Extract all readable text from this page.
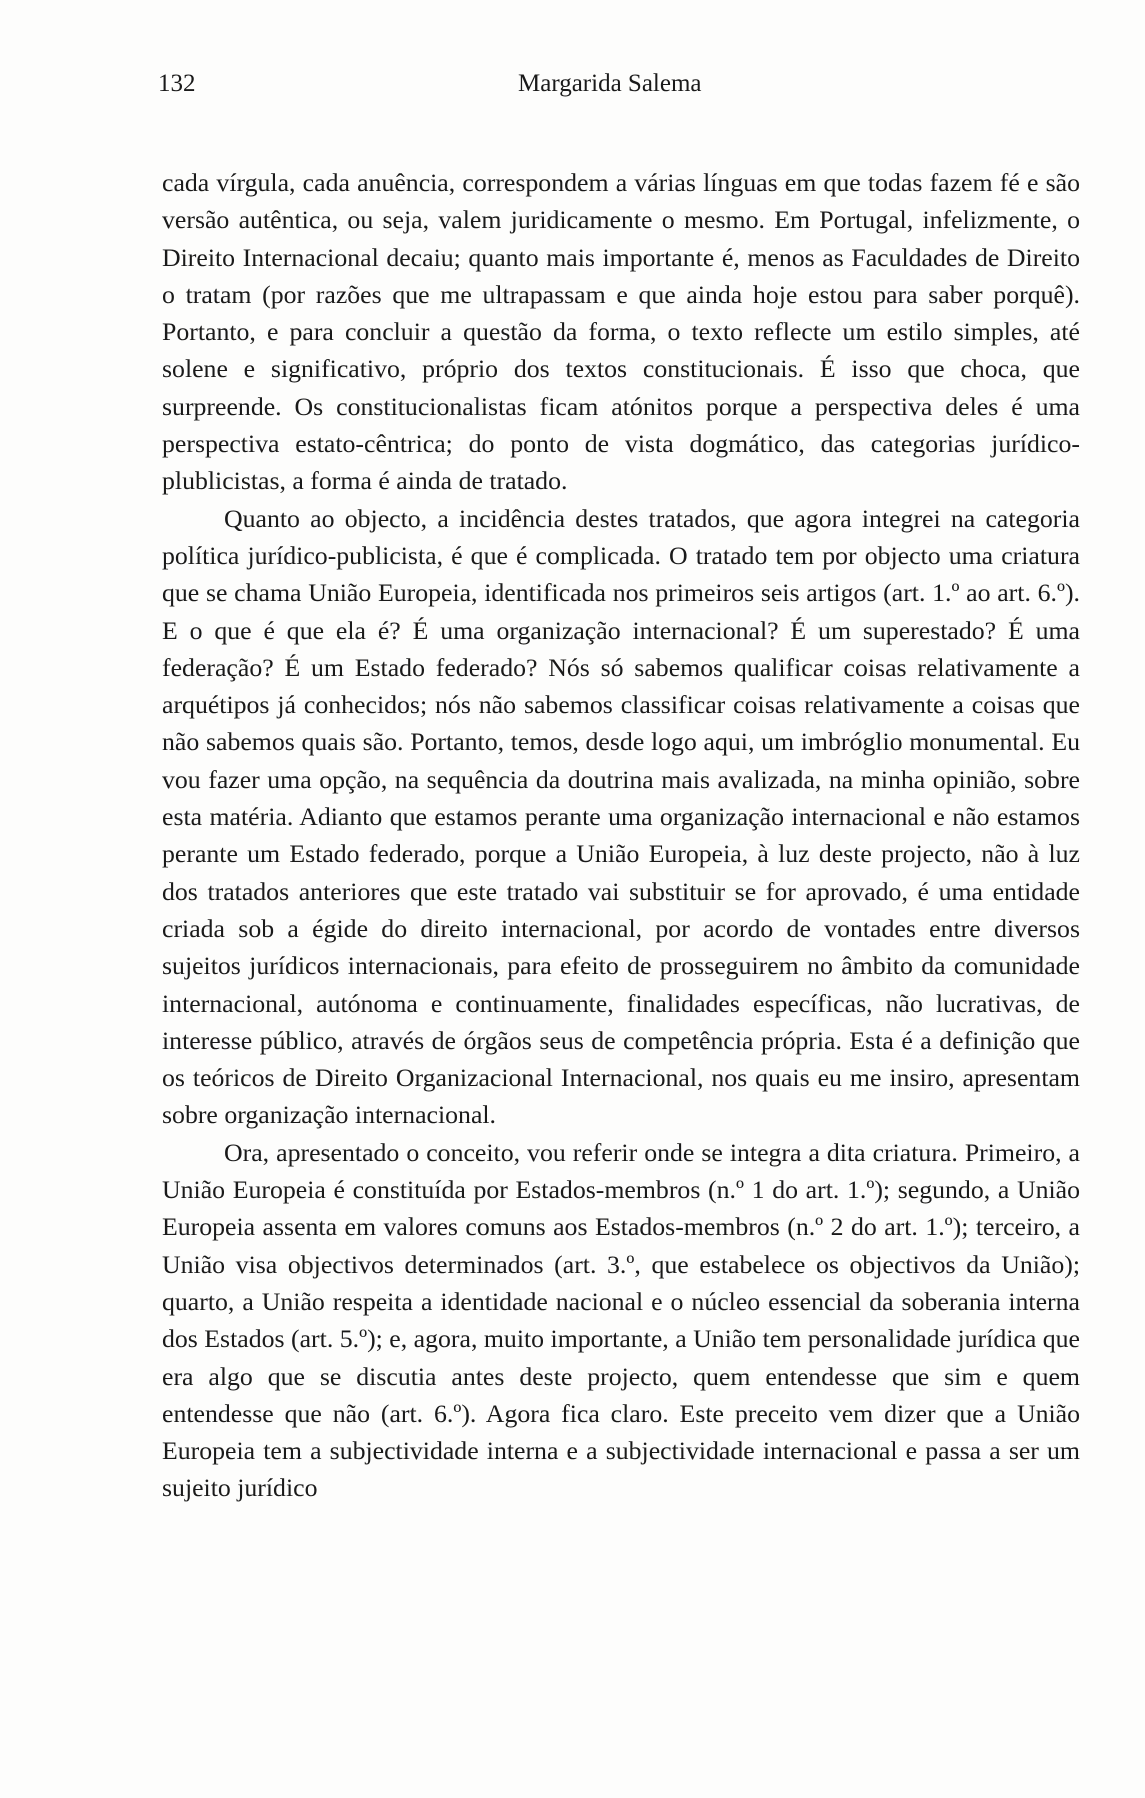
132	Margarida Salema

cada vírgula, cada anuência, correspondem a várias línguas em que todas fazem fé e são versão autêntica, ou seja, valem juridicamente o mesmo. Em Portugal, infelizmente, o Direito Internacional decaiu; quanto mais importante é, menos as Faculdades de Direito o tratam (por razões que me ultrapassam e que ainda hoje estou para saber porquê). Portanto, e para concluir a questão da forma, o texto reflecte um estilo simples, até solene e significativo, próprio dos textos constitucionais. É isso que choca, que surpreende. Os constitucionalistas ficam atónitos porque a perspectiva deles é uma perspectiva estato-cêntrica; do ponto de vista dogmático, das categorias jurídico-plublicistas, a forma é ainda de tratado.

Quanto ao objecto, a incidência destes tratados, que agora integrei na categoria política jurídico-publicista, é que é complicada. O tratado tem por objecto uma criatura que se chama União Europeia, identificada nos primeiros seis artigos (art. 1.º ao art. 6.º). E o que é que ela é? É uma organização internacional? É um superestado? É uma federação? É um Estado federado? Nós só sabemos qualificar coisas relativamente a arquétipos já conhecidos; nós não sabemos classificar coisas relativamente a coisas que não sabemos quais são. Portanto, temos, desde logo aqui, um imbróglio monumental. Eu vou fazer uma opção, na sequência da doutrina mais avalizada, na minha opinião, sobre esta matéria. Adianto que estamos perante uma organização internacional e não estamos perante um Estado federado, porque a União Europeia, à luz deste projecto, não à luz dos tratados anteriores que este tratado vai substituir se for aprovado, é uma entidade criada sob a égide do direito internacional, por acordo de vontades entre diversos sujeitos jurídicos internacionais, para efeito de prosseguirem no âmbito da comunidade internacional, autónoma e continuamente, finalidades específicas, não lucrativas, de interesse público, através de órgãos seus de competência própria. Esta é a definição que os teóricos de Direito Organizacional Internacional, nos quais eu me insiro, apresentam sobre organização internacional.

Ora, apresentado o conceito, vou referir onde se integra a dita criatura. Primeiro, a União Europeia é constituída por Estados-membros (n.º 1 do art. 1.º); segundo, a União Europeia assenta em valores comuns aos Estados-membros (n.º 2 do art. 1.º); terceiro, a União visa objectivos determinados (art. 3.º, que estabelece os objectivos da União); quarto, a União respeita a identidade nacional e o núcleo essencial da soberania interna dos Estados (art. 5.º); e, agora, muito importante, a União tem personalidade jurídica que era algo que se discutia antes deste projecto, quem entendesse que sim e quem entendesse que não (art. 6.º). Agora fica claro. Este preceito vem dizer que a União Europeia tem a subjectividade interna e a subjectividade internacional e passa a ser um sujeito jurídico
